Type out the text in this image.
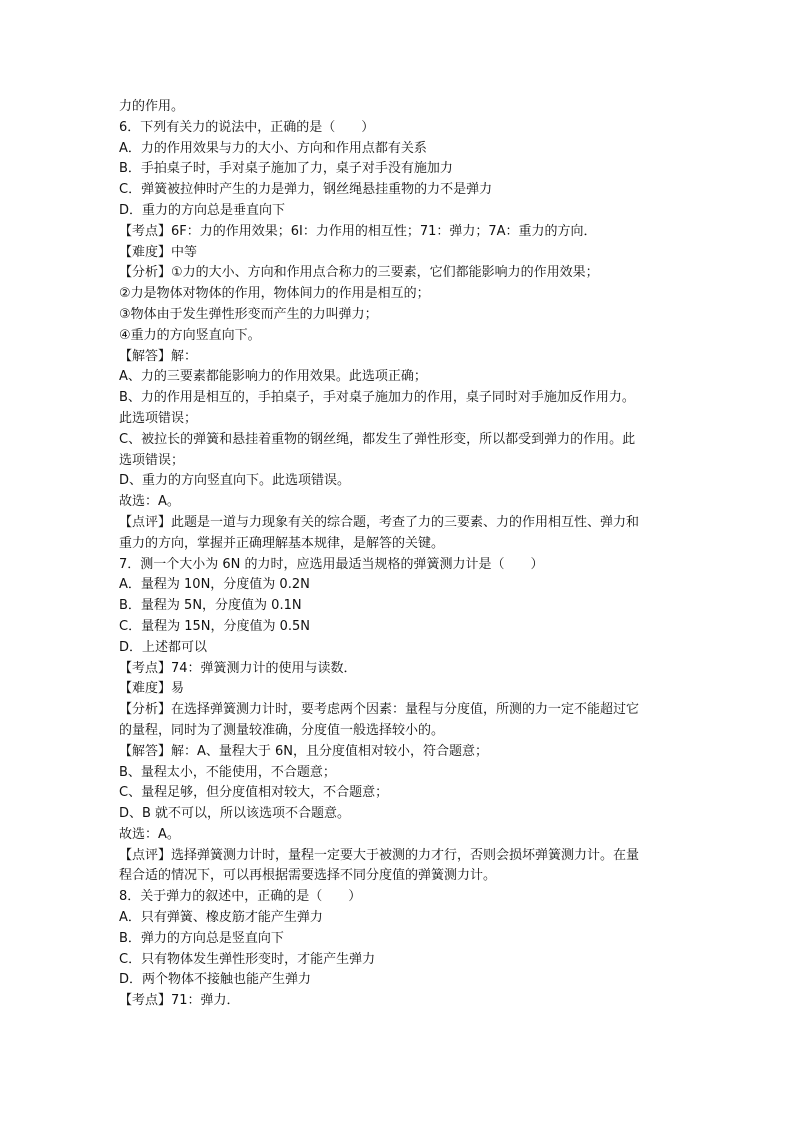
力的作用。

6．下列有关力的说法中，正确的是（　　）

A．力的作用效果与力的大小、方向和作用点都有关系

B．手拍桌子时，手对桌子施加了力，桌子对手没有施加力

C．弹簧被拉伸时产生的力是弹力，钢丝绳悬挂重物的力不是弹力

D．重力的方向总是垂直向下

【考点】6F：力的作用效果；6I：力作用的相互性；71：弹力；7A：重力的方向．

【难度】中等

【分析】①力的大小、方向和作用点合称力的三要素，它们都能影响力的作用效果；

②力是物体对物体的作用，物体间力的作用是相互的；

③物体由于发生弹性形变而产生的力叫弹力；

④重力的方向竖直向下。

【解答】解：

A、力的三要素都能影响力的作用效果。此选项正确；

B、力的作用是相互的，手拍桌子，手对桌子施加力的作用，桌子同时对手施加反作用力。

此选项错误；

C、被拉长的弹簧和悬挂着重物的钢丝绳，都发生了弹性形变，所以都受到弹力的作用。此

选项错误；

D、重力的方向竖直向下。此选项错误。

故选：A。

【点评】此题是一道与力现象有关的综合题，考查了力的三要素、力的作用相互性、弹力和

重力的方向，掌握并正确理解基本规律，是解答的关键。

7．测一个大小为 6N 的力时，应选用最适当规格的弹簧测力计是（　　）

A．量程为 10N，分度值为 0.2N

B．量程为 5N，分度值为 0.1N

C．量程为 15N，分度值为 0.5N

D．上述都可以

【考点】74：弹簧测力计的使用与读数．

【难度】易

【分析】在选择弹簧测力计时，要考虑两个因素：量程与分度值，所测的力一定不能超过它

的量程，同时为了测量较准确，分度值一般选择较小的。

【解答】解：A、量程大于 6N，且分度值相对较小，符合题意；

B、量程太小，不能使用，不合题意；

C、量程足够，但分度值相对较大，不合题意；

D、B 就不可以，所以该选项不合题意。

故选：A。

【点评】选择弹簧测力计时，量程一定要大于被测的力才行，否则会损坏弹簧测力计。在量

程合适的情况下，可以再根据需要选择不同分度值的弹簧测力计。

8．关于弹力的叙述中，正确的是（　　）

A．只有弹簧、橡皮筋才能产生弹力

B．弹力的方向总是竖直向下

C．只有物体发生弹性形变时，才能产生弹力

D．两个物体不接触也能产生弹力

【考点】71：弹力．
